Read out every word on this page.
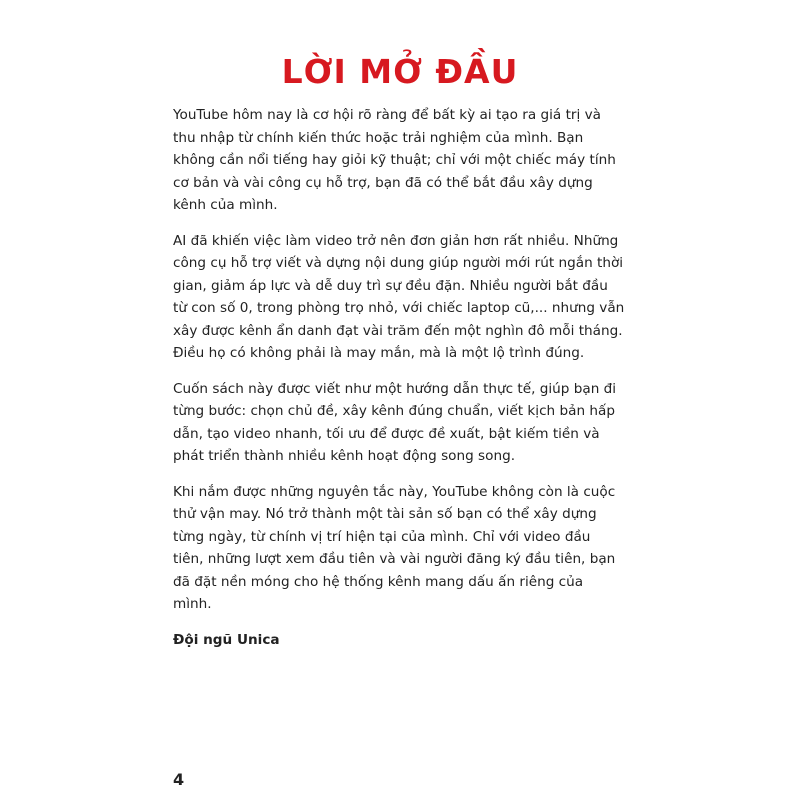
LỜI MỞ ĐẦU

YouTube hôm nay là cơ hội rõ ràng để bất kỳ ai tạo ra giá trị và thu nhập từ chính kiến thức hoặc trải nghiệm của mình. Bạn không cần nổi tiếng hay giỏi kỹ thuật; chỉ với một chiếc máy tính cơ bản và vài công cụ hỗ trợ, bạn đã có thể bắt đầu xây dựng kênh của mình.

AI đã khiến việc làm video trở nên đơn giản hơn rất nhiều. Những công cụ hỗ trợ viết và dựng nội dung giúp người mới rút ngắn thời gian, giảm áp lực và dễ duy trì sự đều đặn. Nhiều người bắt đầu từ con số 0, trong phòng trọ nhỏ, với chiếc laptop cũ,... nhưng vẫn xây được kênh ẩn danh đạt vài trăm đến một nghìn đô mỗi tháng. Điều họ có không phải là may mắn, mà là một lộ trình đúng.

Cuốn sách này được viết như một hướng dẫn thực tế, giúp bạn đi từng bước: chọn chủ đề, xây kênh đúng chuẩn, viết kịch bản hấp dẫn, tạo video nhanh, tối ưu để được đề xuất, bật kiếm tiền và phát triển thành nhiều kênh hoạt động song song.

Khi nắm được những nguyên tắc này, YouTube không còn là cuộc thử vận may. Nó trở thành một tài sản số bạn có thể xây dựng từng ngày, từ chính vị trí hiện tại của mình. Chỉ với video đầu tiên, những lượt xem đầu tiên và vài người đăng ký đầu tiên, bạn đã đặt nền móng cho hệ thống kênh mang dấu ấn riêng của mình.

Đội ngũ Unica

4
